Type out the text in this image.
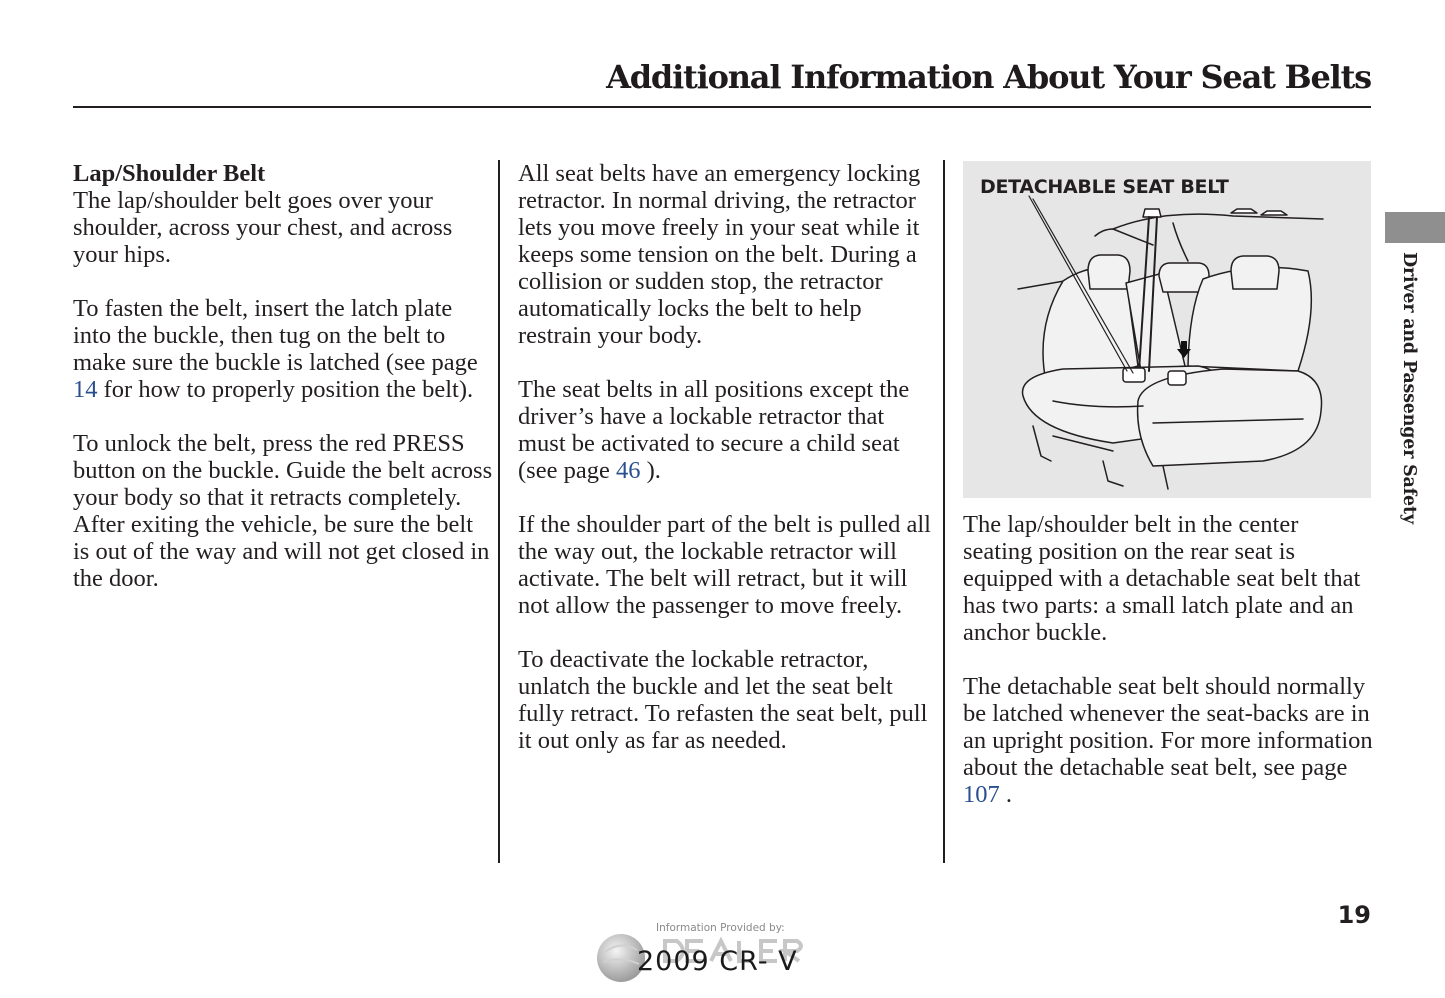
Additional Information About Your Seat Belts

Lap/Shoulder Belt
The lap/shoulder belt goes over your shoulder, across your chest, and across your hips.

To fasten the belt, insert the latch plate into the buckle, then tug on the belt to make sure the buckle is latched (see page 14 for how to properly position the belt).

To unlock the belt, press the red PRESS button on the buckle. Guide the belt across your body so that it retracts completely. After exiting the vehicle, be sure the belt is out of the way and will not get closed in the door.

All seat belts have an emergency locking retractor. In normal driving, the retractor lets you move freely in your seat while it keeps some tension on the belt. During a collision or sudden stop, the retractor automatically locks the belt to help restrain your body.

The seat belts in all positions except the driver’s have a lockable retractor that must be activated to secure a child seat (see page 46 ).

If the shoulder part of the belt is pulled all the way out, the lockable retractor will activate. The belt will retract, but it will not allow the passenger to move freely.

To deactivate the lockable retractor, unlatch the buckle and let the seat belt fully retract. To refasten the seat belt, pull it out only as far as needed.

DETACHABLE SEAT BELT

The lap/shoulder belt in the center seating position on the rear seat is equipped with a detachable seat belt that has two parts: a small latch plate and an anchor buckle.

The detachable seat belt should normally be latched whenever the seat-backs are in an upright position. For more information about the detachable seat belt, see page 107 .

Driver and Passenger Safety
19
Information Provided by:
2009 CR- V
